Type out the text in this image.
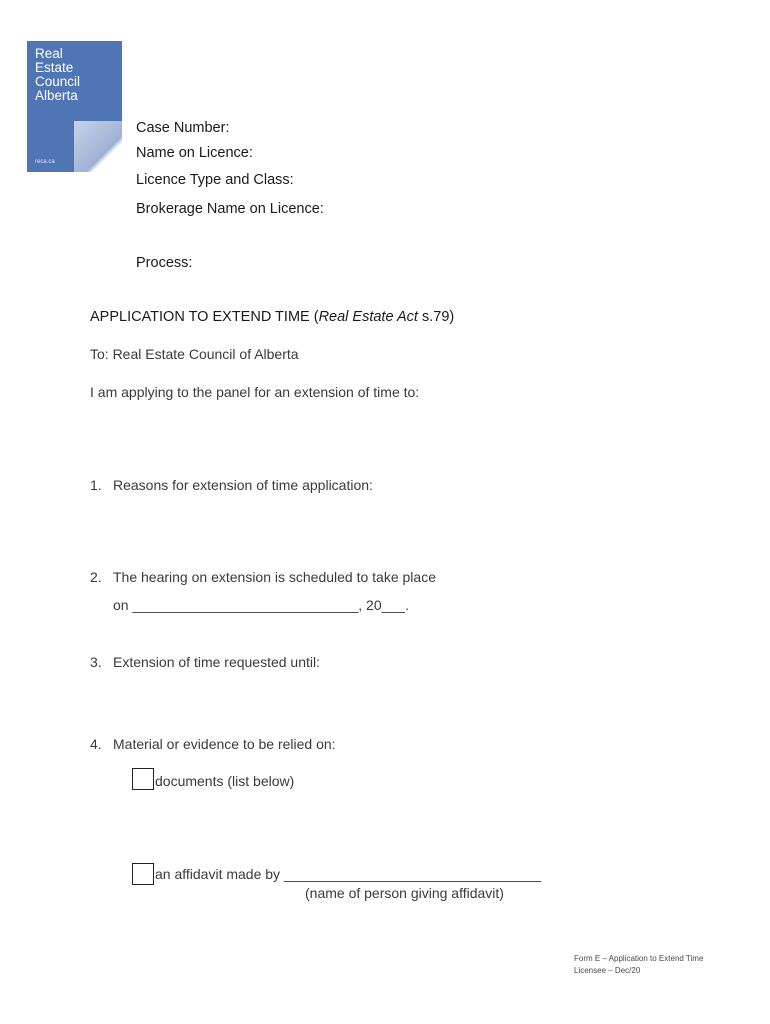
Real
Estate
Council
Alberta
reca.ca
Case Number:
Name on Licence:
Licence Type and Class:
Brokerage Name on Licence:
Process:
APPLICATION TO EXTEND TIME (Real Estate Act s.79)
To: Real Estate Council of Alberta
I am applying to the panel for an extension of time to:
1. Reasons for extension of time application:
2. The hearing on extension is scheduled to take place
on _____________________________, 20___.
3. Extension of time requested until:
4. Material or evidence to be relied on:
documents (list below)
an affidavit made by _________________________________
(name of person giving affidavit)
Form E – Application to Extend Time
Licensee – Dec/20
